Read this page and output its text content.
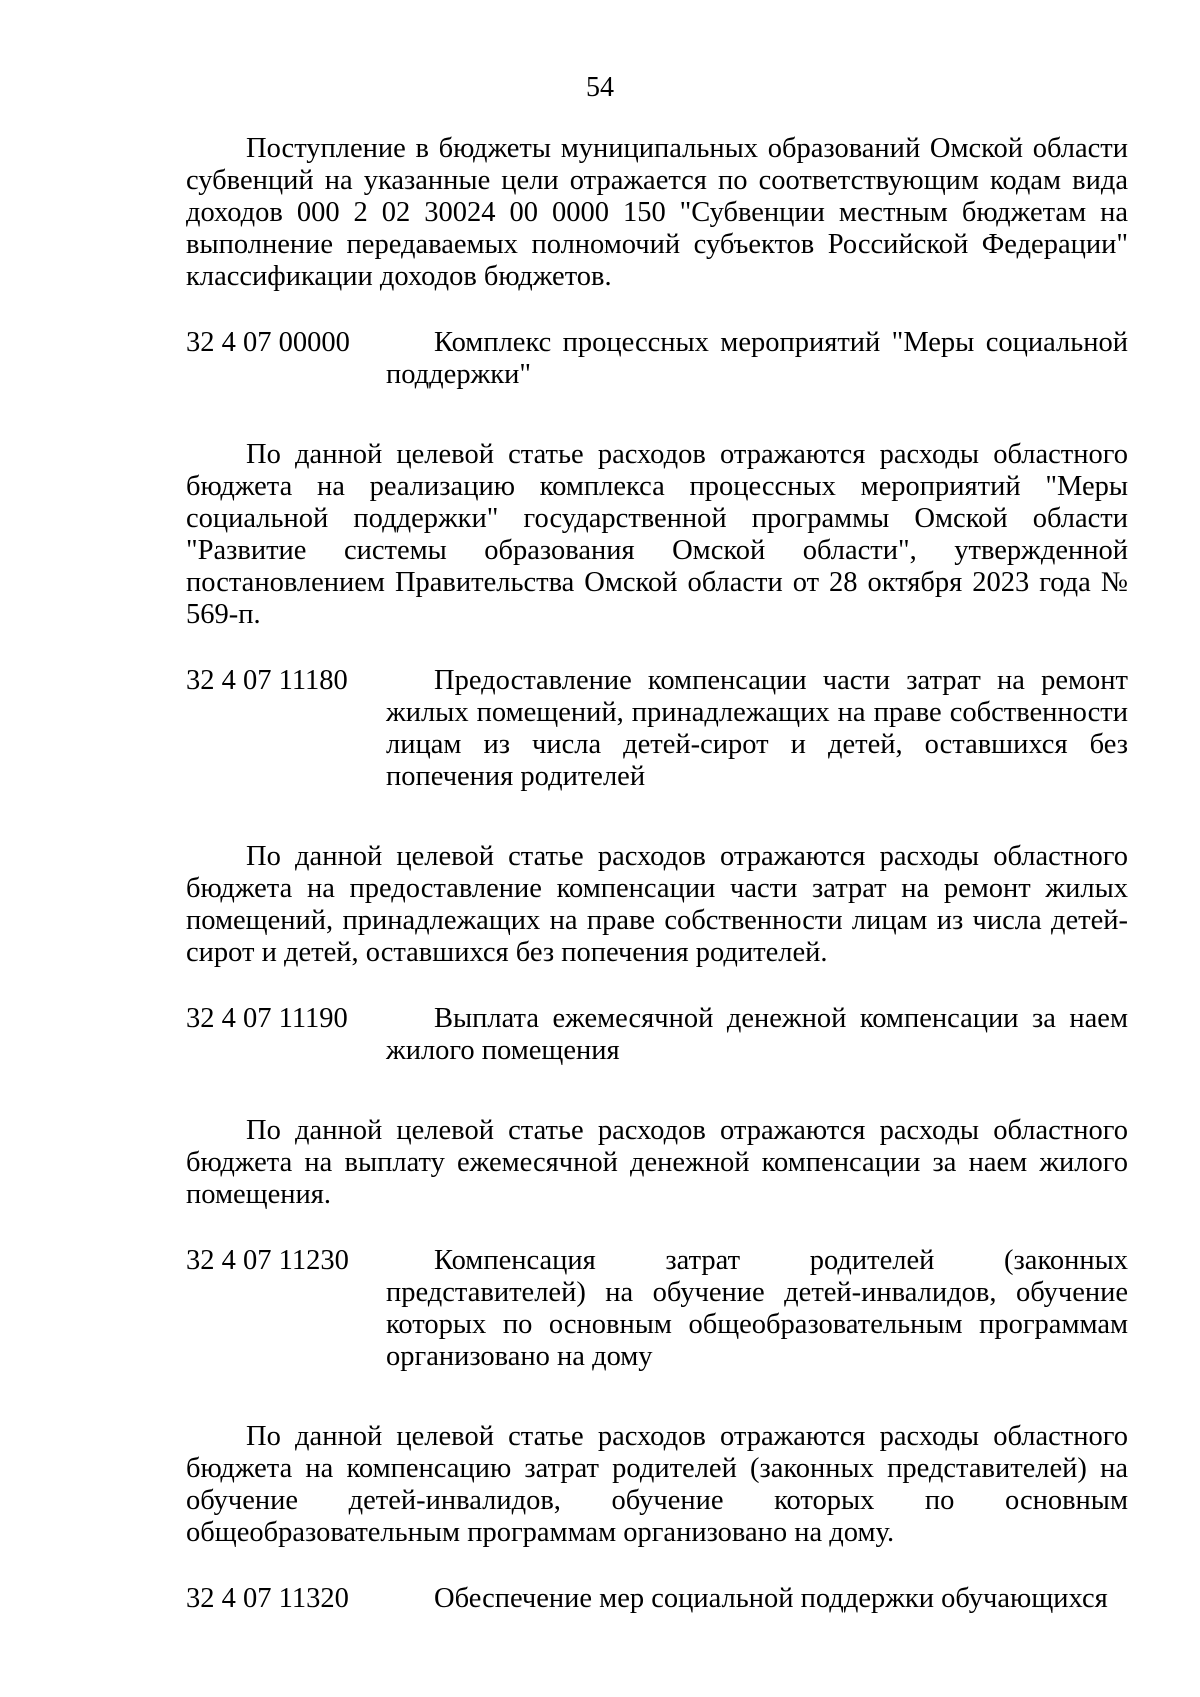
54

Поступление в бюджеты муниципальных образований Омской области субвенций на указанные цели отражается по соответствующим кодам вида доходов 000 2 02 30024 00 0000 150 "Субвенции местным бюджетам на выполнение передаваемых полномочий субъектов Российской Федерации" классификации доходов бюджетов.

32 4 07 00000	Комплекс процессных мероприятий "Меры социальной поддержки"

По данной целевой статье расходов отражаются расходы областного бюджета на реализацию комплекса процессных мероприятий "Меры социальной поддержки" государственной программы Омской области "Развитие системы образования Омской области", утвержденной постановлением Правительства Омской области от 28 октября 2023 года № 569-п.

32 4 07 11180	Предоставление компенсации части затрат на ремонт жилых помещений, принадлежащих на праве собственности лицам из числа детей-сирот и детей, оставшихся без попечения родителей

По данной целевой статье расходов отражаются расходы областного бюджета на предоставление компенсации части затрат на ремонт жилых помещений, принадлежащих на праве собственности лицам из числа детей-сирот и детей, оставшихся без попечения родителей.

32 4 07 11190	Выплата ежемесячной денежной компенсации за наем жилого помещения

По данной целевой статье расходов отражаются расходы областного бюджета на выплату ежемесячной денежной компенсации за наем жилого помещения.

32 4 07 11230	Компенсация затрат родителей (законных представителей) на обучение детей-инвалидов, обучение которых по основным общеобразовательным программам организовано на дому

По данной целевой статье расходов отражаются расходы областного бюджета на компенсацию затрат родителей (законных представителей) на обучение детей-инвалидов, обучение которых по основным общеобразовательным программам организовано на дому.

32 4 07 11320	Обеспечение мер социальной поддержки обучающихся
